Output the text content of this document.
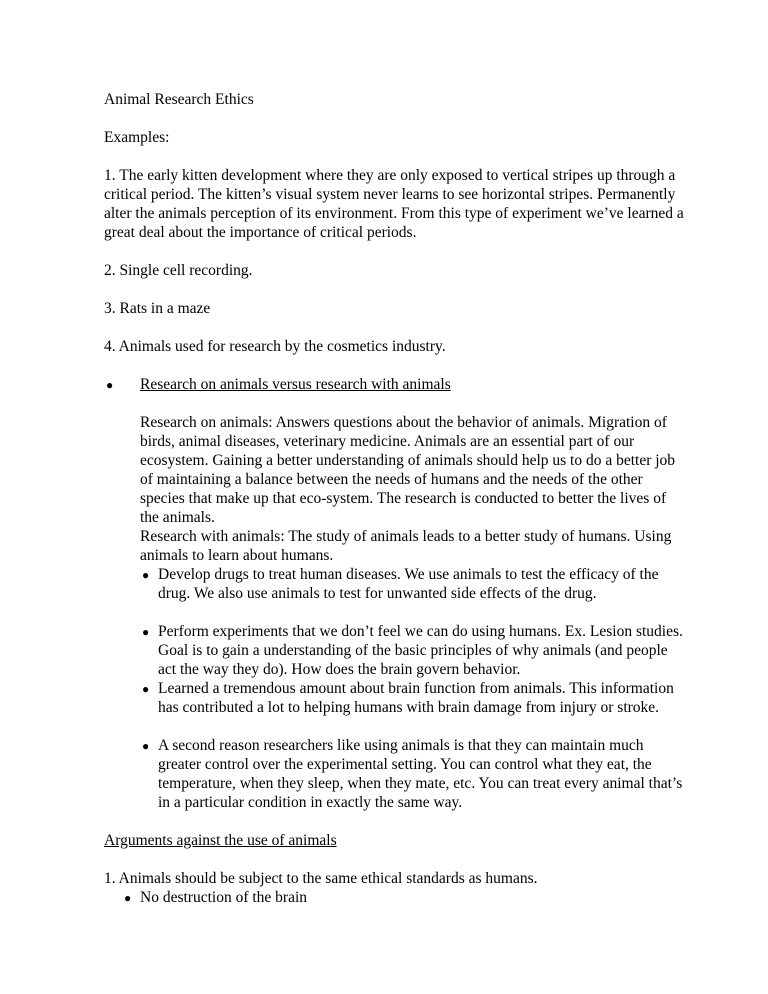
Animal Research Ethics

Examples:

1. The early kitten development where they are only exposed to vertical stripes up through a critical period. The kitten’s visual system never learns to see horizontal stripes. Permanently alter the animals perception of its environment. From this type of experiment we’ve learned a great deal about the importance of critical periods.

2. Single cell recording.

3. Rats in a maze

4. Animals used for research by the cosmetics industry.

● Research on animals versus research with animals

Research on animals: Answers questions about the behavior of animals. Migration of birds, animal diseases, veterinary medicine. Animals are an essential part of our ecosystem. Gaining a better understanding of animals should help us to do a better job of maintaining a balance between the needs of humans and the needs of the other species that make up that eco-system. The research is conducted to better the lives of the animals.

Research with animals: The study of animals leads to a better study of humans. Using animals to learn about humans.

● Develop drugs to treat human diseases. We use animals to test the efficacy of the drug. We also use animals to test for unwanted side effects of the drug.

● Perform experiments that we don’t feel we can do using humans. Ex. Lesion studies. Goal is to gain a understanding of the basic principles of why animals (and people act the way they do). How does the brain govern behavior.

● Learned a tremendous amount about brain function from animals. This information has contributed a lot to helping humans with brain damage from injury or stroke.

● A second reason researchers like using animals is that they can maintain much greater control over the experimental setting. You can control what they eat, the temperature, when they sleep, when they mate, etc. You can treat every animal that’s in a particular condition in exactly the same way.

Arguments against the use of animals

1. Animals should be subject to the same ethical standards as humans.

● No destruction of the brain
